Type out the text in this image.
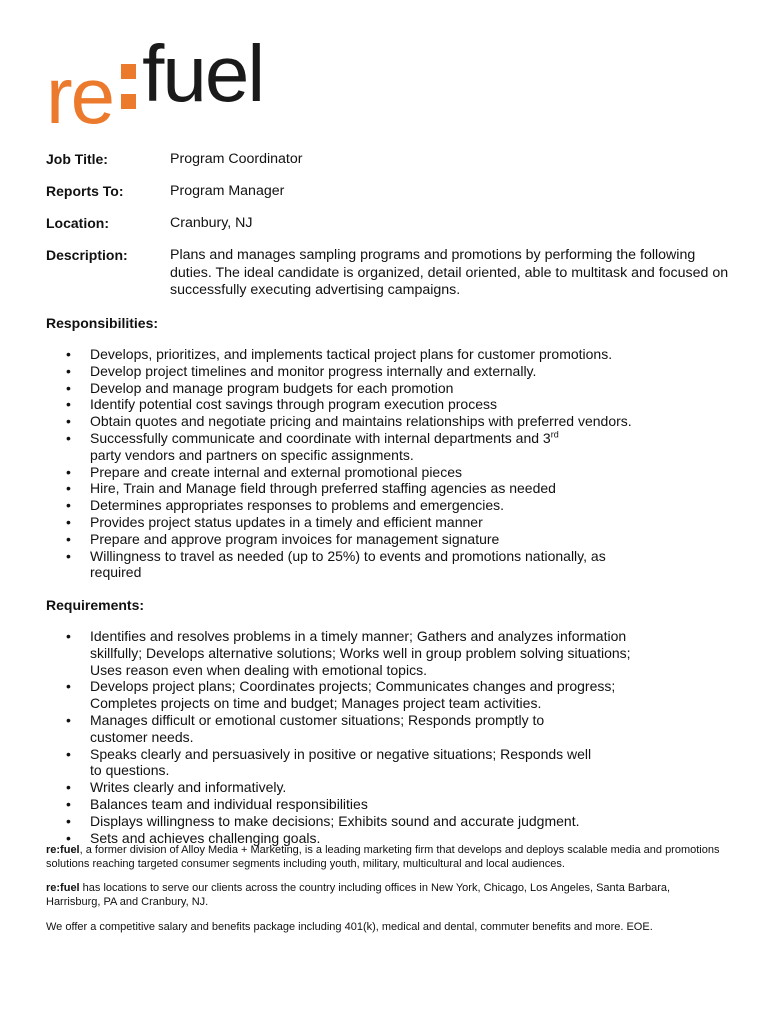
re fuel
Job Title:	Program Coordinator
Reports To:	Program Manager
Location:	Cranbury, NJ
Description:	Plans and manages sampling programs and promotions by performing the following duties. The ideal candidate is organized, detail oriented, able to multitask and focused on successfully executing advertising campaigns.
Responsibilities:
• Develops, prioritizes, and implements tactical project plans for customer promotions.
• Develop project timelines and monitor progress internally and externally.
• Develop and manage program budgets for each promotion
• Identify potential cost savings through program execution process
• Obtain quotes and negotiate pricing and maintains relationships with preferred vendors.
• Successfully communicate and coordinate with internal departments and 3rd party vendors and partners on specific assignments.
• Prepare and create internal and external promotional pieces
• Hire, Train and Manage field through preferred staffing agencies as needed
• Determines appropriates responses to problems and emergencies.
• Provides project status updates in a timely and efficient manner
• Prepare and approve program invoices for management signature
• Willingness to travel as needed (up to 25%) to events and promotions nationally, as required
Requirements:
• Identifies and resolves problems in a timely manner; Gathers and analyzes information skillfully; Develops alternative solutions; Works well in group problem solving situations; Uses reason even when dealing with emotional topics.
• Develops project plans; Coordinates projects; Communicates changes and progress; Completes projects on time and budget; Manages project team activities.
• Manages difficult or emotional customer situations; Responds promptly to customer needs.
• Speaks clearly and persuasively in positive or negative situations; Responds well to questions.
• Writes clearly and informatively.
• Balances team and individual responsibilities
• Displays willingness to make decisions; Exhibits sound and accurate judgment.
• Sets and achieves challenging goals.
re:fuel, a former division of Alloy Media + Marketing, is a leading marketing firm that develops and deploys scalable media and promotions solutions reaching targeted consumer segments including youth, military, multicultural and local audiences.
re:fuel has locations to serve our clients across the country including offices in New York, Chicago, Los Angeles, Santa Barbara, Harrisburg, PA and Cranbury, NJ.
We offer a competitive salary and benefits package including 401(k), medical and dental, commuter benefits and more. EOE.
